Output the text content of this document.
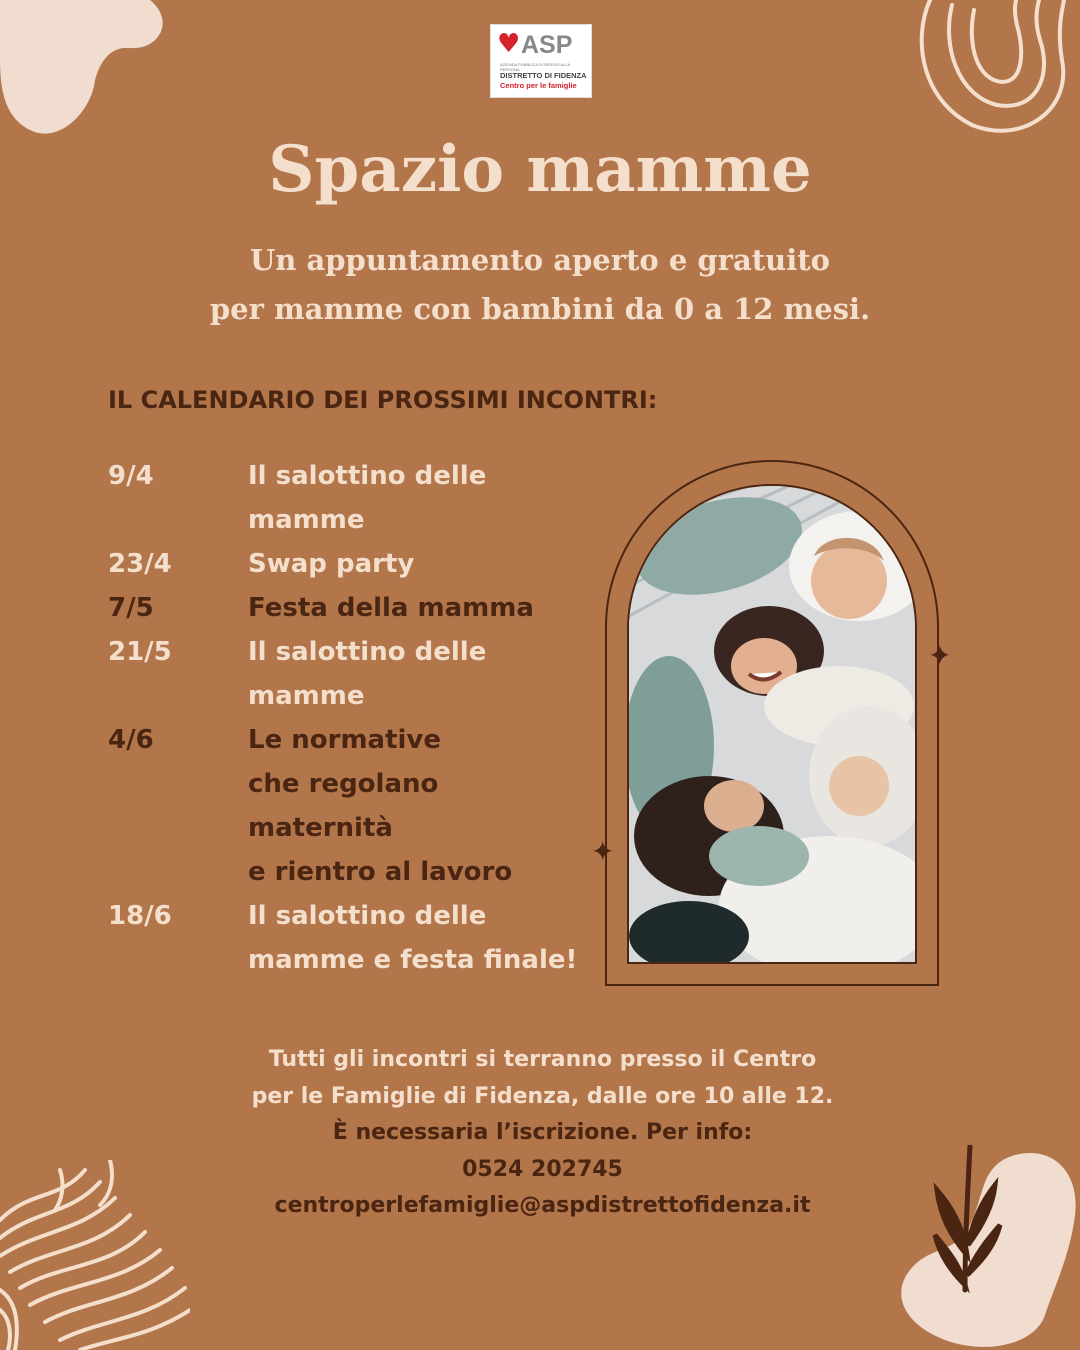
♥ ASP
AZIENDA PUBBLICA DI SERVIZI ALLA PERSONA
DISTRETTO DI FIDENZA
Centro per le famiglie
Spazio mamme
Un appuntamento aperto e gratuito
per mamme con bambini da 0 a 12 mesi.
IL CALENDARIO DEI PROSSIMI INCONTRI:
9/4	Il salottino delle
mamme
23/4	Swap party
7/5	Festa della mamma
21/5	Il salottino delle
mamme
4/6	Le normative
che regolano
maternità
e rientro al lavoro
18/6	Il salottino delle
mamme e festa finale!
✦
✦
Tutti gli incontri si terranno presso il Centro
per le Famiglie di Fidenza, dalle ore 10 alle 12.
È necessaria l’iscrizione. Per info:
0524 202745
centroperlefamiglie@aspdistrettofidenza.it
